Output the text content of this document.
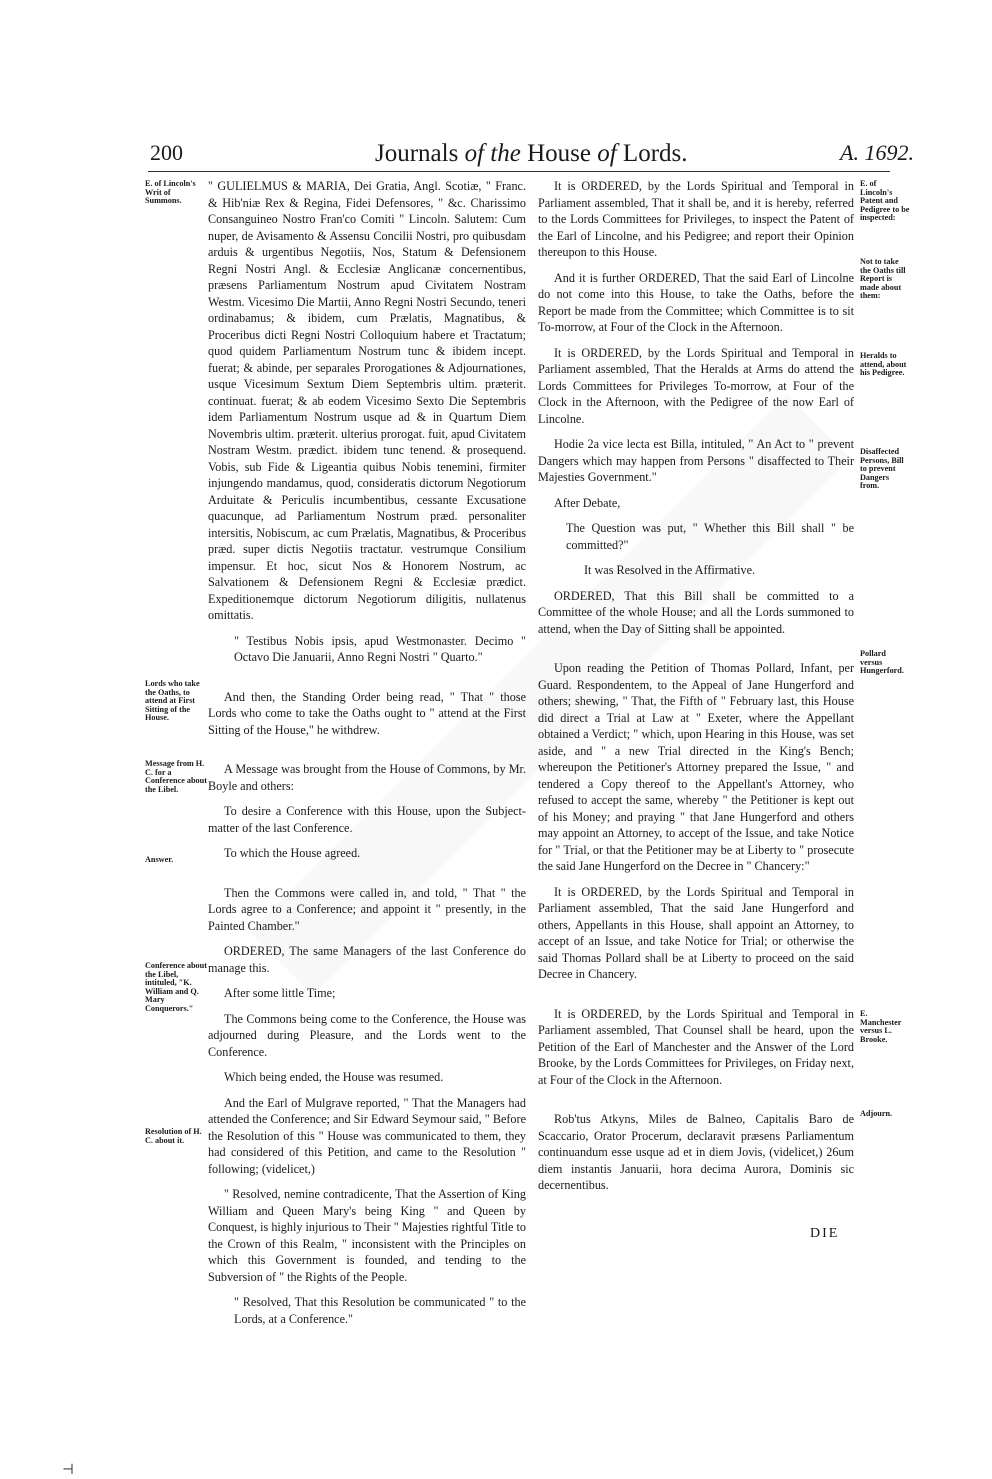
200	Journals of the House of Lords.	A. 1692.
E. of Lincoln's Writ of Summons.
Lords who take the Oaths, to attend at First Sitting of the House.
Message from H. C. for a Conference about the Libel.
Answer.
Conference about the Libel, intituled, "K. William and Q. Mary Conquerors."
Resolution of H. C. about it.
E. of Lincoln's Patent and Pedigree to be inspected:
Not to take the Oaths till Report is made about them:
Heralds to attend, about his Pedigree.
Disaffected Persons, Bill to prevent Dangers from.
Pollard versus Hungerford.
E. Manchester versus L. Brooke.
Adjourn.

" GULIELMUS & MARIA, Dei Gratia, Angl. Scotiæ, " Franc. & Hib'niæ Rex & Regina, Fidei Defensores, " &c. Charissimo Consanguineo Nostro Fran'co Comiti " Lincoln. Salutem: Cum nuper, de Avisamento & Assensu Concilii Nostri, pro quibusdam arduis & urgentibus Negotiis, Nos, Statum & Defensionem Regni Nostri Angl. & Ecclesiæ Anglicanæ concernentibus, præsens Parliamentum Nostrum apud Civitatem Nostram Westm. Vicesimo Die Martii, Anno Regni Nostri Secundo, teneri ordinabamus; & ibidem, cum Prælatis, Magnatibus, & Proceribus dicti Regni Nostri Colloquium habere et Tractatum; quod quidem Parliamentum Nostrum tunc & ibidem incept. fuerat; & abinde, per separales Prorogationes & Adjournationes, usque Vicesimum Sextum Diem Septembris ultim. præterit. continuat. fuerat; & ab eodem Vicesimo Sexto Die Septembris idem Parliamentum Nostrum usque ad & in Quartum Diem Novembris ultim. præterit. ulterius prorogat. fuit, apud Civitatem Nostram Westm. prædict. ibidem tunc tenend. & prosequend. Vobis, sub Fide & Ligeantia quibus Nobis tenemini, firmiter injungendo mandamus, quod, consideratis dictorum Negotiorum Arduitate & Periculis incumbentibus, cessante Excusatione quacunque, ad Parliamentum Nostrum præd. personaliter intersitis, Nobiscum, ac cum Prælatis, Magnatibus, & Proceribus præd. super dictis Negotiis tractatur. vestrumque Consilium impensur. Et hoc, sicut Nos & Honorem Nostrum, ac Salvationem & Defensionem Regni & Ecclesiæ prædict. Expeditionemque dictorum Negotiorum diligitis, nullatenus omittatis.

" Testibus Nobis ipsis, apud Westmonaster. Decimo " Octavo Die Januarii, Anno Regni Nostri " Quarto."

And then, the Standing Order being read, " That " those Lords who come to take the Oaths ought to " attend at the First Sitting of the House," he withdrew.

A Message was brought from the House of Commons, by Mr. Boyle and others:

To desire a Conference with this House, upon the Subject-matter of the last Conference.

To which the House agreed.

Then the Commons were called in, and told, " That " the Lords agree to a Conference; and appoint it " presently, in the Painted Chamber."

ORDERED, The same Managers of the last Conference do manage this.

After some little Time;

The Commons being come to the Conference, the House was adjourned during Pleasure, and the Lords went to the Conference.

Which being ended, the House was resumed.

And the Earl of Mulgrave reported, " That the Managers had attended the Conference; and Sir Edward Seymour said, " Before the Resolution of this " House was communicated to them, they had considered of this Petition, and came to the Resolution " following; (videlicet,)

" Resolved, nemine contradicente, That the Assertion of King William and Queen Mary's being King " and Queen by Conquest, is highly injurious to Their " Majesties rightful Title to the Crown of this Realm, " inconsistent with the Principles on which this Government is founded, and tending to the Subversion of " the Rights of the People.

" Resolved, That this Resolution be communicated " to the Lords, at a Conference."

It is ORDERED, by the Lords Spiritual and Temporal in Parliament assembled, That it shall be, and it is hereby, referred to the Lords Committees for Privileges, to inspect the Patent of the Earl of Lincolne, and his Pedigree; and report their Opinion thereupon to this House.

And it is further ORDERED, That the said Earl of Lincolne do not come into this House, to take the Oaths, before the Report be made from the Committee; which Committee is to sit To-morrow, at Four of the Clock in the Afternoon.

It is ORDERED, by the Lords Spiritual and Temporal in Parliament assembled, That the Heralds at Arms do attend the Lords Committees for Privileges To-morrow, at Four of the Clock in the Afternoon, with the Pedigree of the now Earl of Lincolne.

Hodie 2a vice lecta est Billa, intituled, " An Act to " prevent Dangers which may happen from Persons " disaffected to Their Majesties Government."

After Debate,

The Question was put, " Whether this Bill shall " be committed?"

It was Resolved in the Affirmative.

ORDERED, That this Bill shall be committed to a Committee of the whole House; and all the Lords summoned to attend, when the Day of Sitting shall be appointed.

Upon reading the Petition of Thomas Pollard, Infant, per Guard. Respondentem, to the Appeal of Jane Hungerford and others; shewing, " That, the Fifth of " February last, this House did direct a Trial at Law at " Exeter, where the Appellant obtained a Verdict; " which, upon Hearing in this House, was set aside, and " a new Trial directed in the King's Bench; whereupon the Petitioner's Attorney prepared the Issue, " and tendered a Copy thereof to the Appellant's Attorney, who refused to accept the same, whereby " the Petitioner is kept out of his Money; and praying " that Jane Hungerford and others may appoint an Attorney, to accept of the Issue, and take Notice for " Trial, or that the Petitioner may be at Liberty to " prosecute the said Jane Hungerford on the Decree in " Chancery:"

It is ORDERED, by the Lords Spiritual and Temporal in Parliament assembled, That the said Jane Hungerford and others, Appellants in this House, shall appoint an Attorney, to accept of an Issue, and take Notice for Trial; or otherwise the said Thomas Pollard shall be at Liberty to proceed on the said Decree in Chancery.

It is ORDERED, by the Lords Spiritual and Temporal in Parliament assembled, That Counsel shall be heard, upon the Petition of the Earl of Manchester and the Answer of the Lord Brooke, by the Lords Committees for Privileges, on Friday next, at Four of the Clock in the Afternoon.

Rob'tus Atkyns, Miles de Balneo, Capitalis Baro de Scaccario, Orator Procerum, declaravit præsens Parliamentum continuandum esse usque ad et in diem Jovis, (videlicet,) 26um diem instantis Januarii, hora decima Aurora, Dominis sic decernentibus.

DIE
⊣
